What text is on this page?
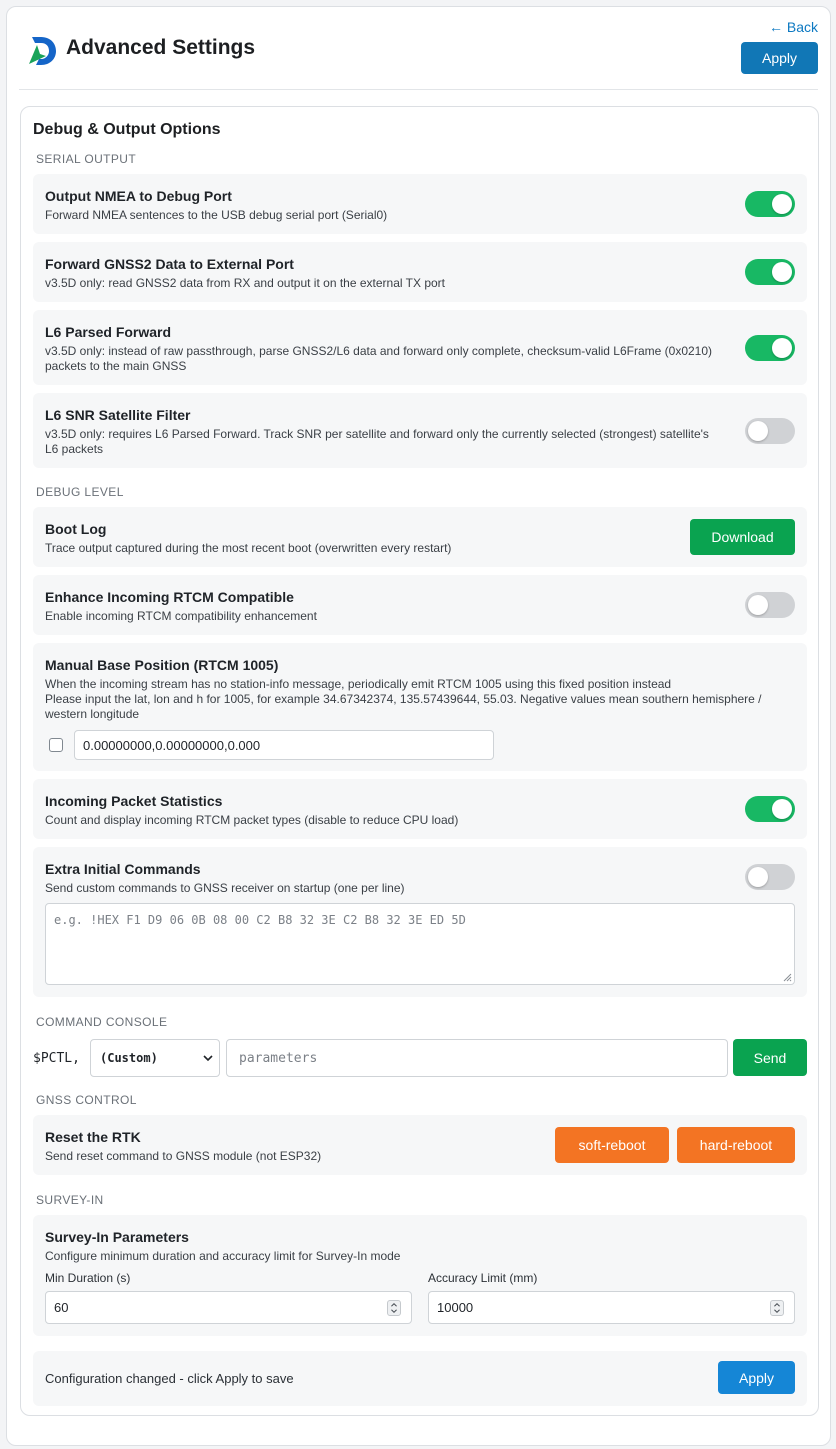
Advanced Settings
← Back
Apply
Debug & Output Options
SERIAL OUTPUT
Output NMEA to Debug Port
Forward NMEA sentences to the USB debug serial port (Serial0)
Forward GNSS2 Data to External Port
v3.5D only: read GNSS2 data from RX and output it on the external TX port
L6 Parsed Forward
v3.5D only: instead of raw passthrough, parse GNSS2/L6 data and forward only complete, checksum-valid L6Frame (0x0210) packets to the main GNSS
L6 SNR Satellite Filter
v3.5D only: requires L6 Parsed Forward. Track SNR per satellite and forward only the currently selected (strongest) satellite's L6 packets
DEBUG LEVEL
Boot Log
Trace output captured during the most recent boot (overwritten every restart)
Download
Enhance Incoming RTCM Compatible
Enable incoming RTCM compatibility enhancement
Manual Base Position (RTCM 1005)
When the incoming stream has no station-info message, periodically emit RTCM 1005 using this fixed position instead
Please input the lat, lon and h for 1005, for example 34.67342374, 135.57439644, 55.03. Negative values mean southern hemisphere / western longitude
0.00000000,0.00000000,0.000
Incoming Packet Statistics
Count and display incoming RTCM packet types (disable to reduce CPU load)
Extra Initial Commands
Send custom commands to GNSS receiver on startup (one per line)
e.g. !HEX F1 D9 06 0B 08 00 C2 B8 32 3E C2 B8 32 3E ED 5D
COMMAND CONSOLE
$PCTL, (Custom)	parameters	Send
GNSS CONTROL
Reset the RTK
Send reset command to GNSS module (not ESP32)
soft-reboot	hard-reboot
SURVEY-IN
Survey-In Parameters
Configure minimum duration and accuracy limit for Survey-In mode
Min Duration (s)
60
Accuracy Limit (mm)
10000
Configuration changed - click Apply to save	Apply
